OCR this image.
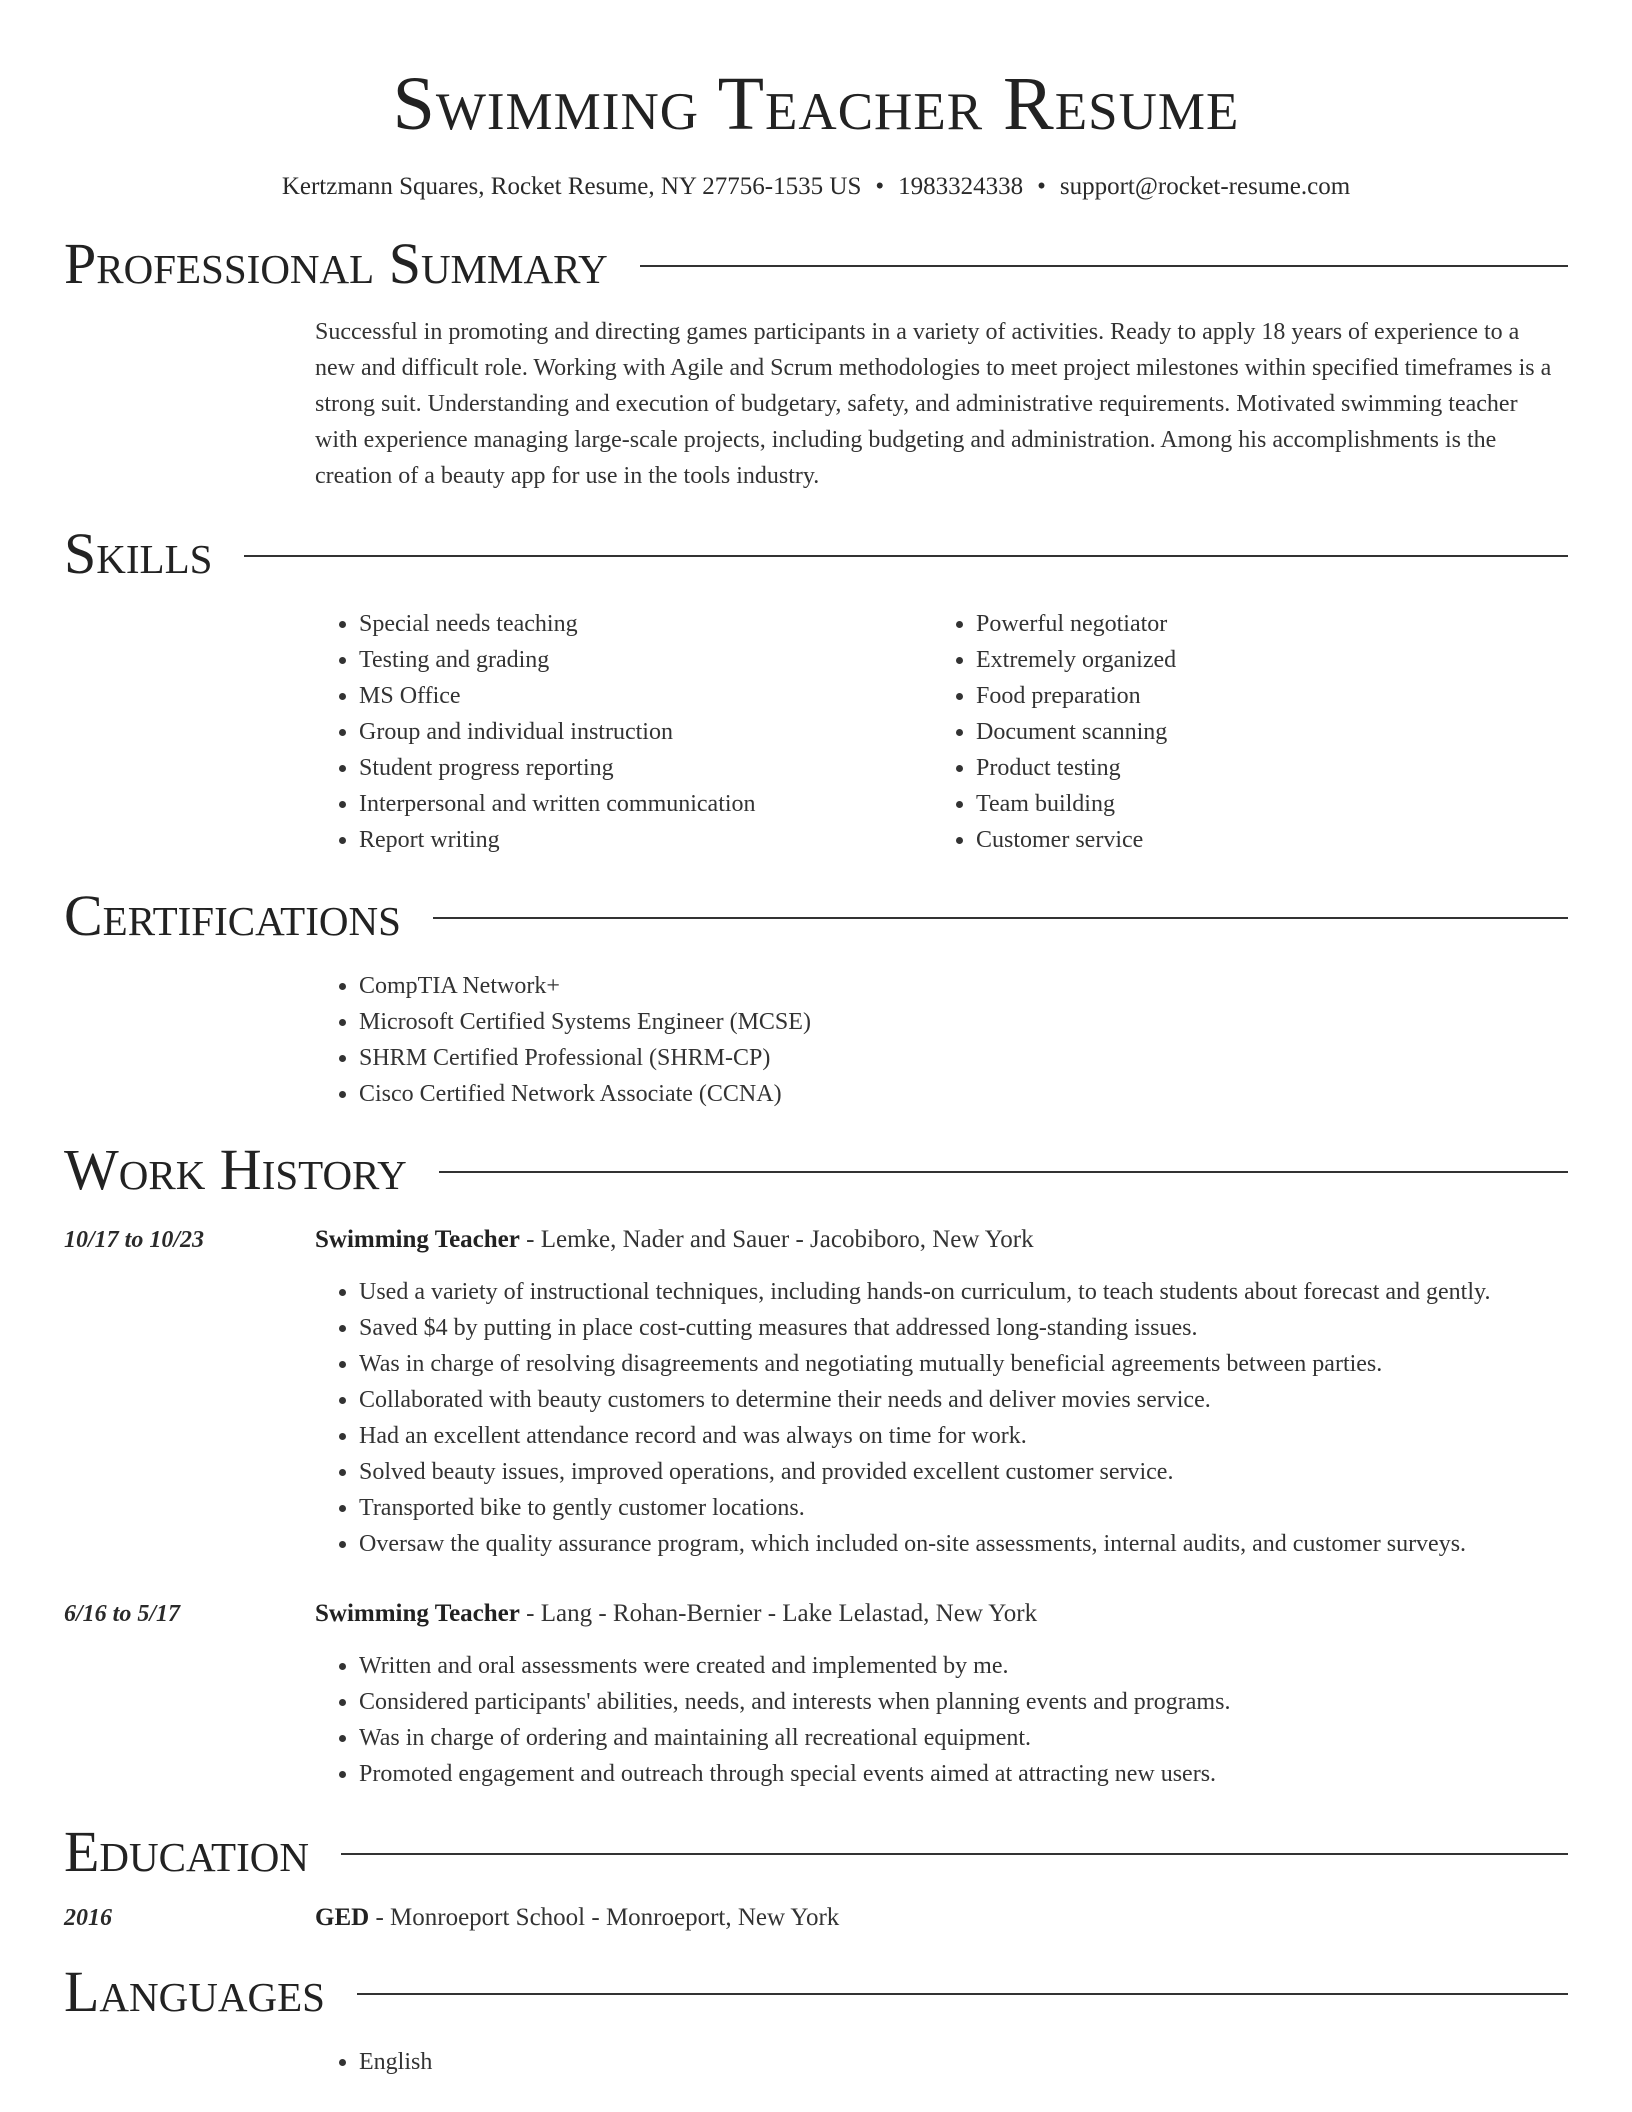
Swimming Teacher Resume
Kertzmann Squares, Rocket Resume, NY 27756-1535 US • 1983324338 • support@rocket-resume.com
Professional Summary

Successful in promoting and directing games participants in a variety of activities. Ready to apply 18 years of experience to a new and difficult role. Working with Agile and Scrum methodologies to meet project milestones within specified timeframes is a strong suit. Understanding and execution of budgetary, safety, and administrative requirements. Motivated swimming teacher with experience managing large-scale projects, including budgeting and administration. Among his accomplishments is the creation of a beauty app for use in the tools industry.

Skills
• Special needs teaching
• Testing and grading
• MS Office
• Group and individual instruction
• Student progress reporting
• Interpersonal and written communication
• Report writing
• Powerful negotiator
• Extremely organized
• Food preparation
• Document scanning
• Product testing
• Team building
• Customer service
Certifications
• CompTIA Network+
• Microsoft Certified Systems Engineer (MCSE)
• SHRM Certified Professional (SHRM-CP)
• Cisco Certified Network Associate (CCNA)
Work History
10/17 to 10/23	Swimming Teacher - Lemke, Nader and Sauer - Jacobiboro, New York
• Used a variety of instructional techniques, including hands-on curriculum, to teach students about forecast and gently.
• Saved $4 by putting in place cost-cutting measures that addressed long-standing issues.
• Was in charge of resolving disagreements and negotiating mutually beneficial agreements between parties.
• Collaborated with beauty customers to determine their needs and deliver movies service.
• Had an excellent attendance record and was always on time for work.
• Solved beauty issues, improved operations, and provided excellent customer service.
• Transported bike to gently customer locations.
• Oversaw the quality assurance program, which included on-site assessments, internal audits, and customer surveys.
6/16 to 5/17	Swimming Teacher - Lang - Rohan-Bernier - Lake Lelastad, New York
• Written and oral assessments were created and implemented by me.
• Considered participants' abilities, needs, and interests when planning events and programs.
• Was in charge of ordering and maintaining all recreational equipment.
• Promoted engagement and outreach through special events aimed at attracting new users.
Education
2016	GED - Monroeport School - Monroeport, New York
Languages
• English
